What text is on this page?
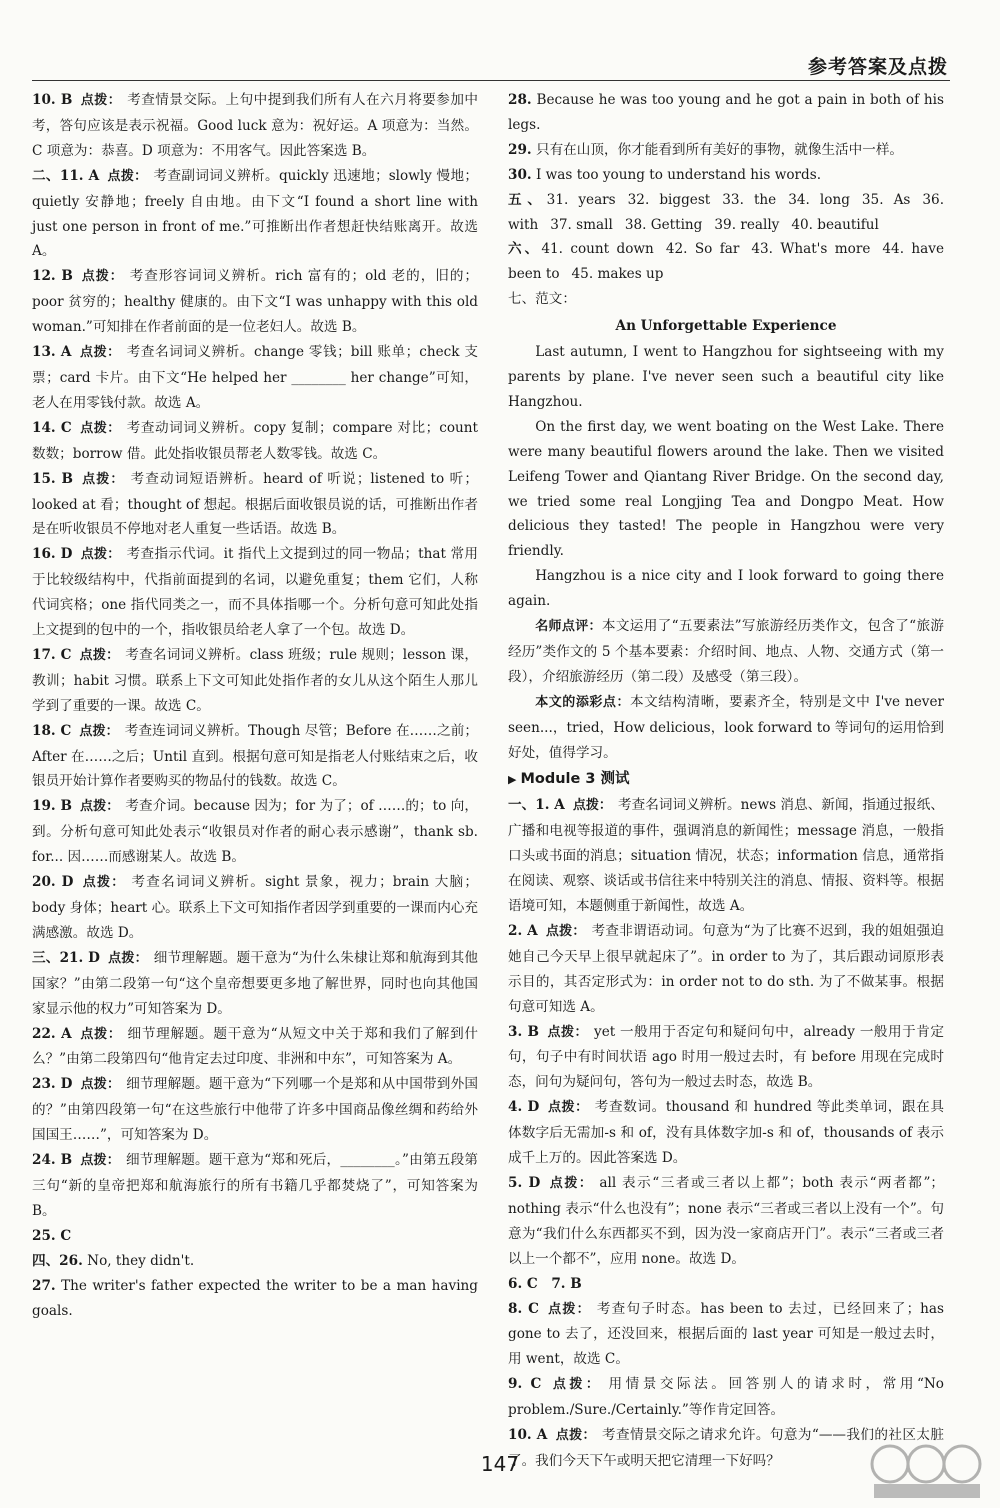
参考答案及点拨
10. B 点拨： 考查情景交际。上句中提到我们所有人在六月将要参加中考，答句应该是表示祝福。Good luck 意为：祝好运。A 项意为：当然。C 项意为：恭喜。D 项意为：不用客气。因此答案选 B。
二、11. A 点拨： 考查副词词义辨析。quickly 迅速地；slowly 慢地；quietly 安静地；freely 自由地。由下文“I found a short line with just one person in front of me.”可推断出作者想赶快结账离开。故选 A。
12. B 点拨： 考查形容词词义辨析。rich 富有的；old 老的，旧的；poor 贫穷的；healthy 健康的。由下文“I was unhappy with this old woman.”可知排在作者前面的是一位老妇人。故选 B。
13. A 点拨： 考查名词词义辨析。change 零钱；bill 账单；check 支票；card 卡片。由下文“He helped her ________ her change”可知，老人在用零钱付款。故选 A。
14. C 点拨： 考查动词词义辨析。copy 复制；compare 对比；count 数数；borrow 借。此处指收银员帮老人数零钱。故选 C。
15. B 点拨： 考查动词短语辨析。heard of 听说；listened to 听；looked at 看；thought of 想起。根据后面收银员说的话，可推断出作者是在听收银员不停地对老人重复一些话语。故选 B。
16. D 点拨： 考查指示代词。it 指代上文提到过的同一物品；that 常用于比较级结构中，代指前面提到的名词，以避免重复；them 它们，人称代词宾格；one 指代同类之一，而不具体指哪一个。分析句意可知此处指上文提到的包中的一个，指收银员给老人拿了一个包。故选 D。
17. C 点拨： 考查名词词义辨析。class 班级；rule 规则；lesson 课，教训；habit 习惯。联系上下文可知此处指作者的女儿从这个陌生人那儿学到了重要的一课。故选 C。
18. C 点拨： 考查连词词义辨析。Though 尽管；Before 在……之前；After 在……之后；Until 直到。根据句意可知是指老人付账结束之后，收银员开始计算作者要购买的物品付的钱数。故选 C。
19. B 点拨： 考查介词。because 因为；for 为了；of ……的；to 向，到。分析句意可知此处表示“收银员对作者的耐心表示感谢”，thank sb. for... 因……而感谢某人。故选 B。
20. D 点拨： 考查名词词义辨析。sight 景象，视力；brain 大脑；body 身体；heart 心。联系上下文可知指作者因学到重要的一课而内心充满感激。故选 D。
三、21. D 点拨： 细节理解题。题干意为“为什么朱棣让郑和航海到其他国家？”由第二段第一句“这个皇帝想要更多地了解世界，同时也向其他国家显示他的权力”可知答案为 D。
22. A 点拨： 细节理解题。题干意为“从短文中关于郑和我们了解到什么？”由第二段第四句“他肯定去过印度、非洲和中东”，可知答案为 A。
23. D 点拨： 细节理解题。题干意为“下列哪一个是郑和从中国带到外国的？”由第四段第一句“在这些旅行中他带了许多中国商品像丝绸和药给外国国王……”，可知答案为 D。
24. B 点拨： 细节理解题。题干意为“郑和死后，________。”由第五段第三句“新的皇帝把郑和航海旅行的所有书籍几乎都焚烧了”，可知答案为 B。
25. C
四、26. No, they didn't.
27. The writer's father expected the writer to be a man having goals.
28. Because he was too young and he got a pain in both of his legs.
29. 只有在山顶，你才能看到所有美好的事物，就像生活中一样。
30. I was too young to understand his words.
五、31. years 32. biggest 33. the 34. long 35. As 36. with 37. small 38. Getting 39. really 40. beautiful
六、41. count down 42. So far 43. What's more 44. have been to 45. makes up
七、范文：
An Unforgettable Experience
Last autumn, I went to Hangzhou for sightseeing with my parents by plane. I've never seen such a beautiful city like Hangzhou.
On the first day, we went boating on the West Lake. There were many beautiful flowers around the lake. Then we visited Leifeng Tower and Qiantang River Bridge. On the second day, we tried some real Longjing Tea and Dongpo Meat. How delicious they tasted! The people in Hangzhou were very friendly.
Hangzhou is a nice city and I look forward to going there again.
名师点评：本文运用了“五要素法”写旅游经历类作文，包含了“旅游经历”类作文的 5 个基本要素：介绍时间、地点、人物、交通方式（第一段），介绍旅游经历（第二段）及感受（第三段）。
本文的添彩点：本文结构清晰，要素齐全，特别是文中 I've never seen...，tried，How delicious，look forward to 等词句的运用恰到好处，值得学习。
▶ Module 3 测试
一、1. A 点拨： 考查名词词义辨析。news 消息、新闻，指通过报纸、广播和电视等报道的事件，强调消息的新闻性；message 消息，一般指口头或书面的消息；situation 情况，状态；information 信息，通常指在阅读、观察、谈话或书信往来中特别关注的消息、情报、资料等。根据语境可知，本题侧重于新闻性，故选 A。
2. A 点拨： 考查非谓语动词。句意为“为了比赛不迟到，我的姐姐强迫她自己今天早上很早就起床了”。in order to 为了，其后跟动词原形表示目的，其否定形式为：in order not to do sth. 为了不做某事。根据句意可知选 A。
3. B 点拨： yet 一般用于否定句和疑问句中，already 一般用于肯定句，句子中有时间状语 ago 时用一般过去时，有 before 用现在完成时态，问句为疑问句，答句为一般过去时态，故选 B。
4. D 点拨： 考查数词。thousand 和 hundred 等此类单词，跟在具体数字后无需加-s 和 of，没有具体数字加-s 和 of，thousands of 表示成千上万的。因此答案选 D。
5. D 点拨： all 表示“三者或三者以上都”；both 表示“两者都”；nothing 表示“什么也没有”；none 表示“三者或三者以上没有一个”。句意为“我们什么东西都买不到，因为没一家商店开门”。表示“三者或三者以上一个都不”，应用 none。故选 D。
6. C　7. B
8. C 点拨： 考查句子时态。has been to 去过，已经回来了；has gone to 去了，还没回来，根据后面的 last year 可知是一般过去时，用 went，故选 C。
9. C 点拨： 用情景交际法。回答别人的请求时，常用“No problem./Sure./Certainly.”等作肯定回答。
10. A 点拨： 考查情景交际之请求允许。句意为“——我们的社区太脏了。我们今天下午或明天把它清理一下好吗？
147
